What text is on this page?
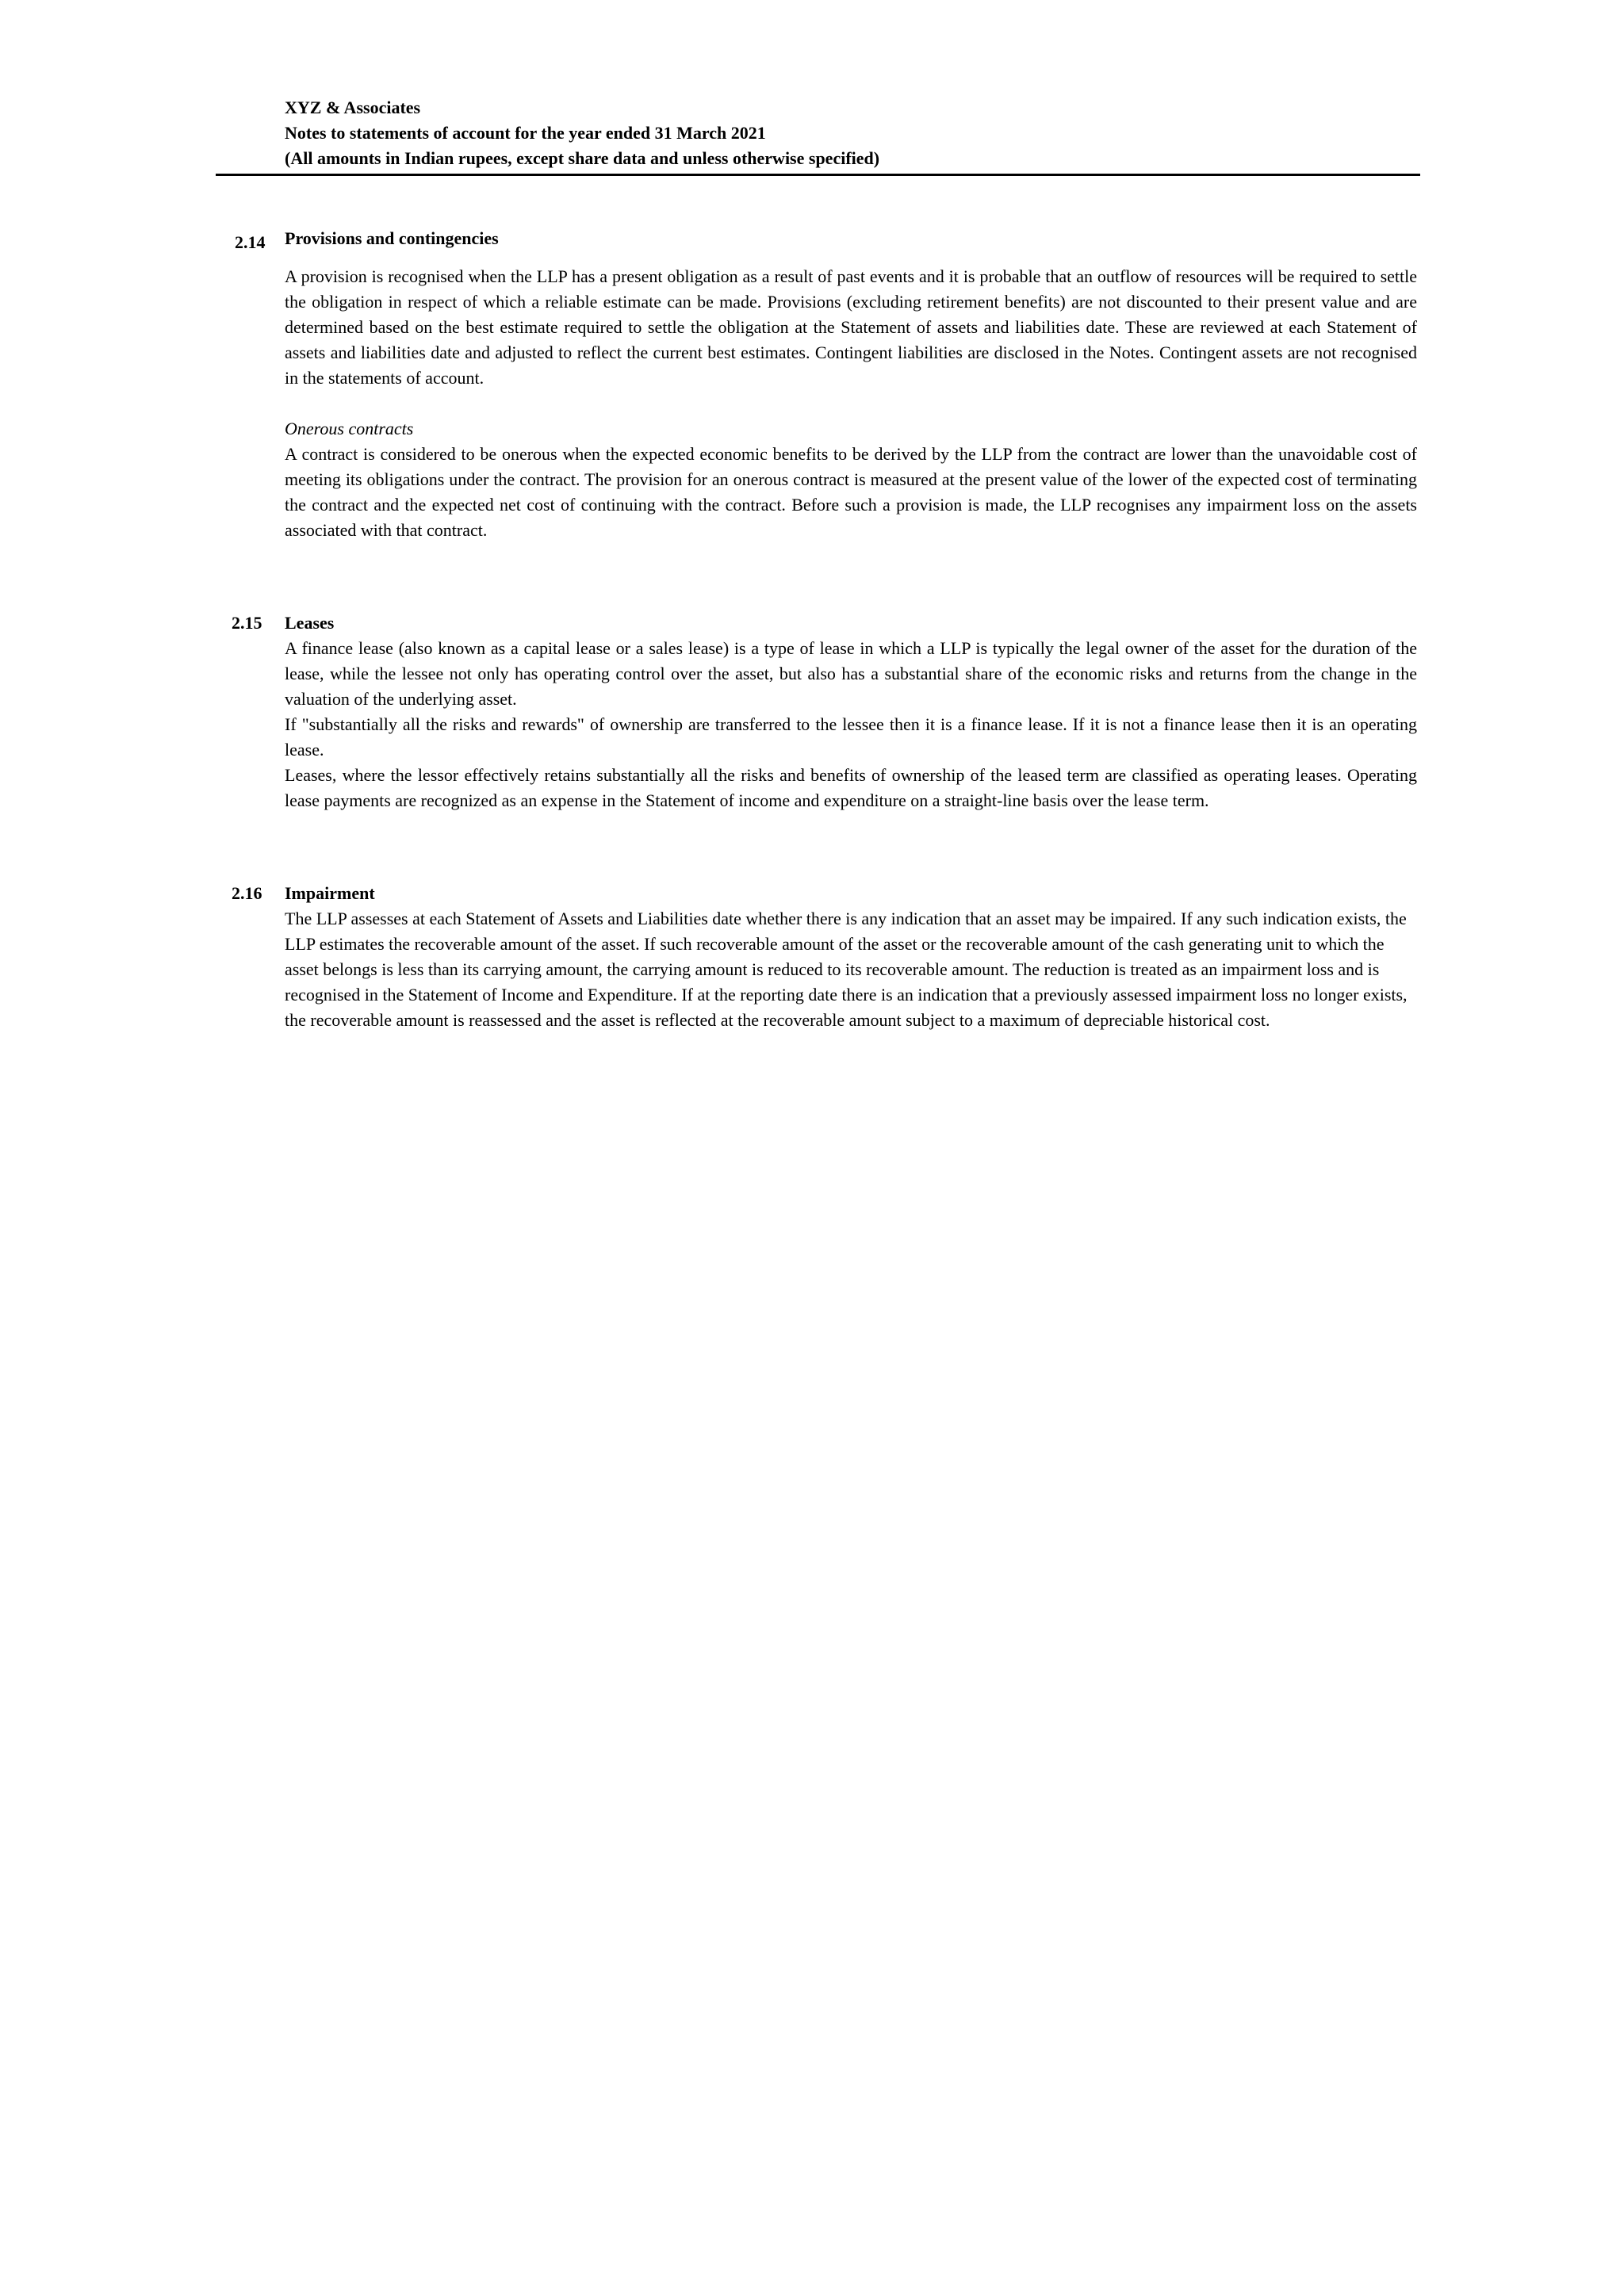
XYZ & Associates
Notes to statements of account for the year ended 31 March 2021
(All amounts in Indian rupees, except share data and unless otherwise specified)
2.14 Provisions and contingencies

A provision is recognised when the LLP has a present obligation as a result of past events and it is probable that an outflow of resources will be required to settle the obligation in respect of which a reliable estimate can be made. Provisions (excluding retirement benefits) are not discounted to their present value and are determined based on the best estimate required to settle the obligation at the Statement of assets and liabilities date. These are reviewed at each Statement of assets and liabilities date and adjusted to reflect the current best estimates. Contingent liabilities are disclosed in the Notes. Contingent assets are not recognised in the statements of account.

Onerous contracts

A contract is considered to be onerous when the expected economic benefits to be derived by the LLP from the contract are lower than the unavoidable cost of meeting its obligations under the contract. The provision for an onerous contract is measured at the present value of the lower of the expected cost of terminating the contract and the expected net cost of continuing with the contract. Before such a provision is made, the LLP recognises any impairment loss on the assets associated with that contract.

2.15 Leases

A finance lease (also known as a capital lease or a sales lease) is a type of lease in which a LLP is typically the legal owner of the asset for the duration of the lease, while the lessee not only has operating control over the asset, but also has a substantial share of the economic risks and returns from the change in the valuation of the underlying asset.

If "substantially all the risks and rewards" of ownership are transferred to the lessee then it is a finance lease. If it is not a finance lease then it is an operating lease.

Leases, where the lessor effectively retains substantially all the risks and benefits of ownership of the leased term are classified as operating leases. Operating lease payments are recognized as an expense in the Statement of income and expenditure on a straight-line basis over the lease term.

2.16 Impairment

The LLP assesses at each Statement of Assets and Liabilities date whether there is any indication that an asset may be impaired. If any such indication exists, the LLP estimates the recoverable amount of the asset. If such recoverable amount of the asset or the recoverable amount of the cash generating unit to which the asset belongs is less than its carrying amount, the carrying amount is reduced to its recoverable amount. The reduction is treated as an impairment loss and is recognised in the Statement of Income and Expenditure. If at the reporting date there is an indication that a previously assessed impairment loss no longer exists, the recoverable amount is reassessed and the asset is reflected at the recoverable amount subject to a maximum of depreciable historical cost.
